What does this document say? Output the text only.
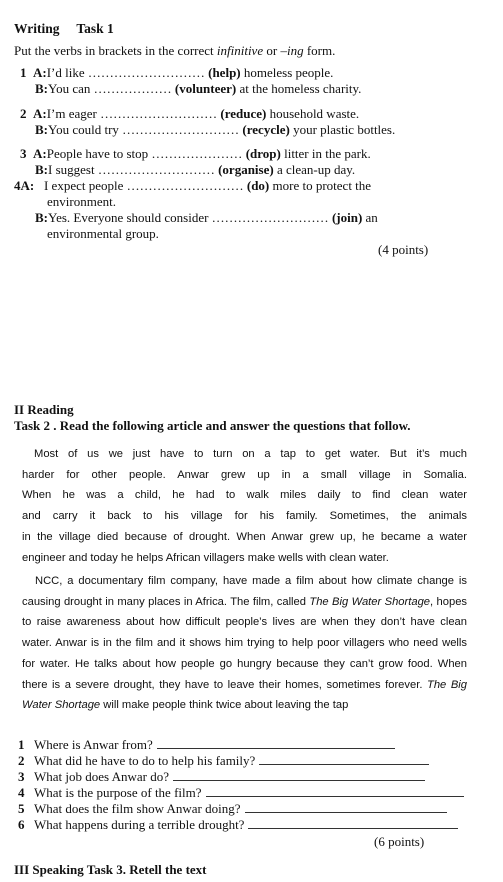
Writing Task 1
Put the verbs in brackets in the correct infinitive or –ing form.
1 A:I’d like ……………………… (help) homeless people.
B:You can ……………… (volunteer) at the homeless charity.
2 A:I’m eager ……………………… (reduce) household waste.
B:You could try ……………………… (recycle) your plastic bottles.
3 A:People have to stop ………………… (drop) litter in the park.
B:I suggest ……………………… (organise) a clean-up day.
4A: I expect people ……………………… (do) more to protect the
environment.
B:Yes. Everyone should consider ……………………… (join) an
environmental group.
(4 points)
II Reading
Task 2 . Read the following article and answer the questions that follow.
Most of us we just have to turn on a tap to get water. But it’s much
harder for other people. Anwar grew up in a small village in Somalia.
When he was a child, he had to walk miles daily to find clean water
and carry it back to his village for his family. Sometimes, the animals
in the village died because of drought. When Anwar grew up, he became a water
engineer and today he helps African villagers make wells with clean water.

NCC, a documentary film company, have made a film about how climate change is causing drought in many places in Africa. The film, called The Big Water Shortage, hopes to raise awareness about how difficult people’s lives are when they don’t have clean water. Anwar is in the film and it shows him trying to help poor villagers who need wells for water. He talks about how people go hungry because they can’t grow food. When there is a severe drought, they have to leave their homes, sometimes forever. The Big Water Shortage will make people think twice about leaving the tap

1 Where is Anwar from?
2 What did he have to do to help his family?
3 What job does Anwar do?
4 What is the purpose of the film?
5 What does the film show Anwar doing?
6 What happens during a terrible drought?
(6 points)
III Speaking Task 3. Retell the text
